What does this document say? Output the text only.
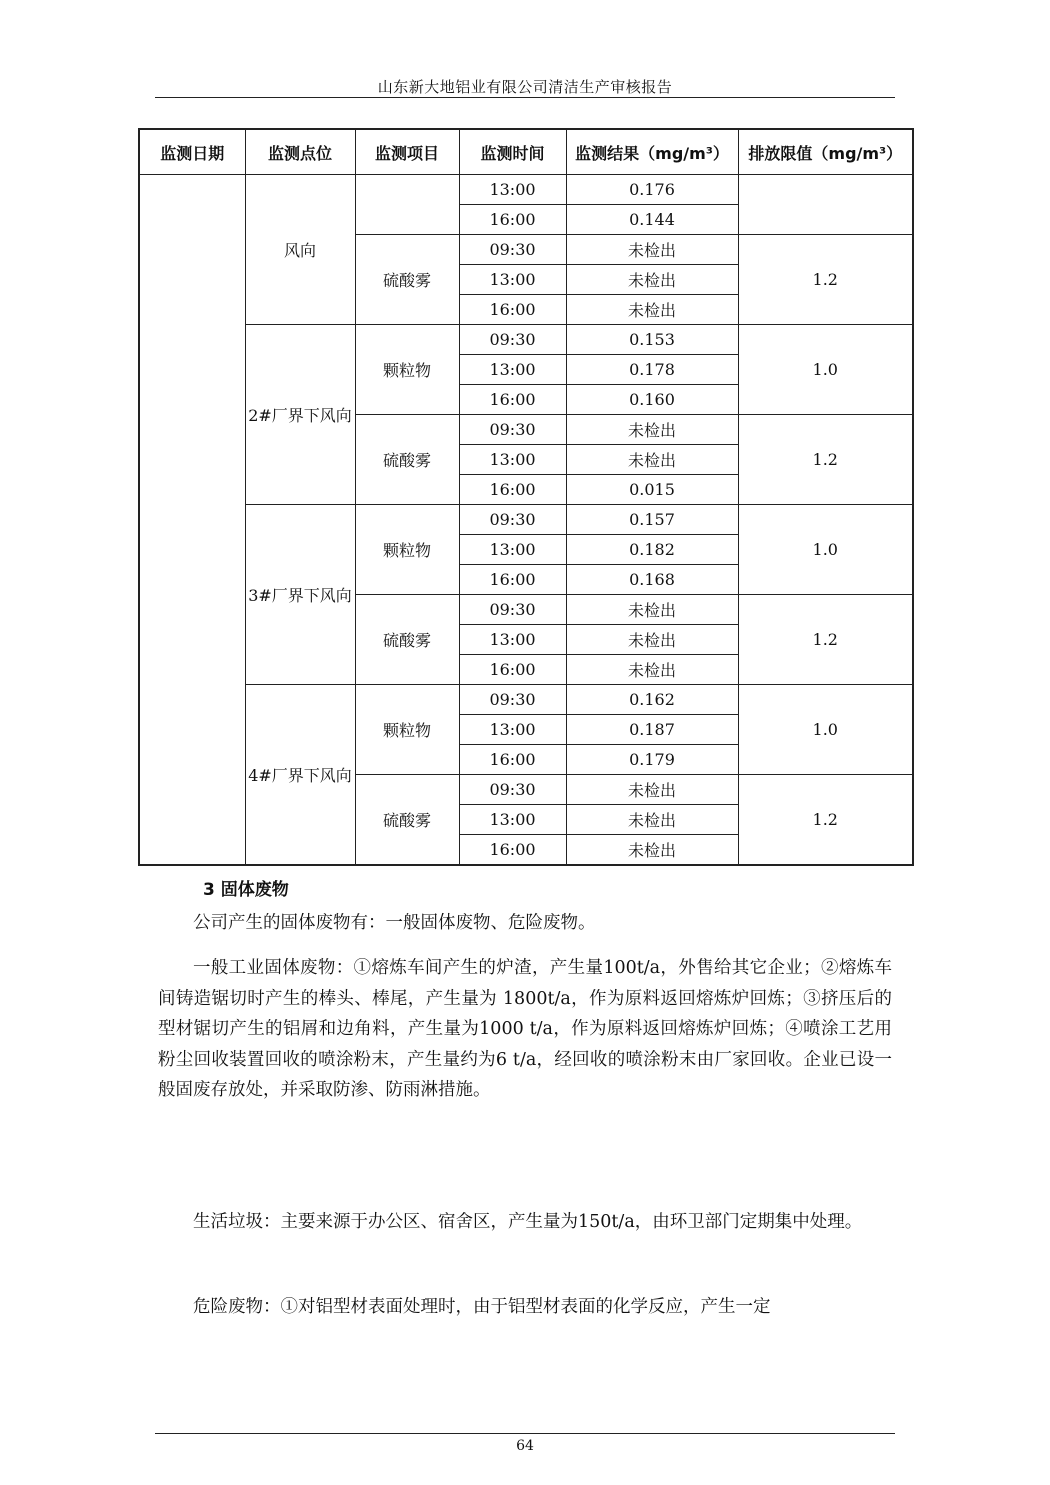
山东新大地铝业有限公司清洁生产审核报告
监测日期	监测点位	监测项目	监测时间	监测结果（mg/m³）	排放限值（mg/m³）
	风向		13:00	0.176	
			16:00	0.144	
		硫酸雾	09:30	未检出	1.2
			13:00	未检出	
			16:00	未检出	
	2#厂界下风向	颗粒物	09:30	0.153	1.0
			13:00	0.178	
			16:00	0.160	
		硫酸雾	09:30	未检出	1.2
			13:00	未检出	
			16:00	0.015	
	3#厂界下风向	颗粒物	09:30	0.157	1.0
			13:00	0.182	
			16:00	0.168	
		硫酸雾	09:30	未检出	1.2
			13:00	未检出	
			16:00	未检出	
	4#厂界下风向	颗粒物	09:30	0.162	1.0
			13:00	0.187	
			16:00	0.179	
		硫酸雾	09:30	未检出	1.2
			13:00	未检出	
			16:00	未检出	
3 固体废物

公司产生的固体废物有：一般固体废物、危险废物。

一般工业固体废物：①熔炼车间产生的炉渣，产生量100t/a，外售给其它企业；②熔炼车间铸造锯切时产生的棒头、棒尾，产生量为 1800t/a，作为原料返回熔炼炉回炼；③挤压后的型材锯切产生的铝屑和边角料，产生量为1000 t/a，作为原料返回熔炼炉回炼；④喷涂工艺用粉尘回收装置回收的喷涂粉末，产生量约为6 t/a，经回收的喷涂粉末由厂家回收。企业已设一般固废存放处，并采取防渗、防雨淋措施。

生活垃圾：主要来源于办公区、宿舍区，产生量为150t/a，由环卫部门定期集中处理。

危险废物：①对铝型材表面处理时，由于铝型材表面的化学反应，产生一定

64
